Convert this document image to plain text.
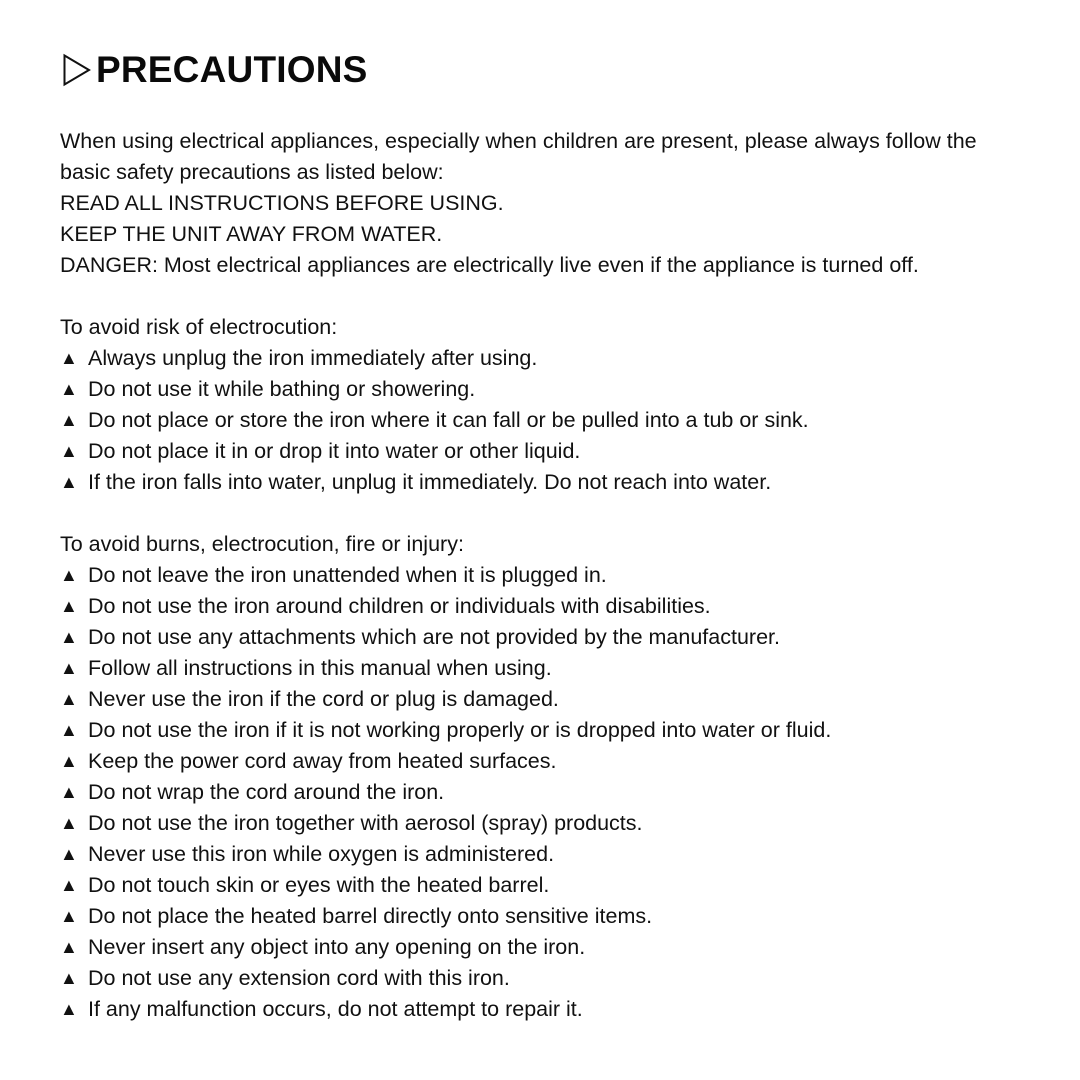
PRECAUTIONS
When using electrical appliances, especially when children are present, please always follow the basic safety precautions as listed below:
READ ALL INSTRUCTIONS BEFORE USING.
KEEP THE UNIT AWAY FROM WATER.
DANGER: Most electrical appliances are electrically live even if the appliance is turned off.
To avoid risk of electrocution:
▲ Always unplug the iron immediately after using.
▲ Do not use it while bathing or showering.
▲ Do not place or store the iron where it can fall or be pulled into a tub or sink.
▲ Do not place it in or drop it into water or other liquid.
▲ If the iron falls into water, unplug it immediately. Do not reach into water.
To avoid burns, electrocution, fire or injury:
▲ Do not leave the iron unattended when it is plugged in.
▲ Do not use the iron around children or individuals with disabilities.
▲ Do not use any attachments which are not provided by the manufacturer.
▲ Follow all instructions in this manual when using.
▲ Never use the iron if the cord or plug is damaged.
▲ Do not use the iron if it is not working properly or is dropped into water or fluid.
▲ Keep the power cord away from heated surfaces.
▲ Do not wrap the cord around the iron.
▲ Do not use the iron together with aerosol (spray) products.
▲ Never use this iron while oxygen is administered.
▲ Do not touch skin or eyes with the heated barrel.
▲ Do not place the heated barrel directly onto sensitive items.
▲ Never insert any object into any opening on the iron.
▲ Do not use any extension cord with this iron.
▲ If any malfunction occurs, do not attempt to repair it.
